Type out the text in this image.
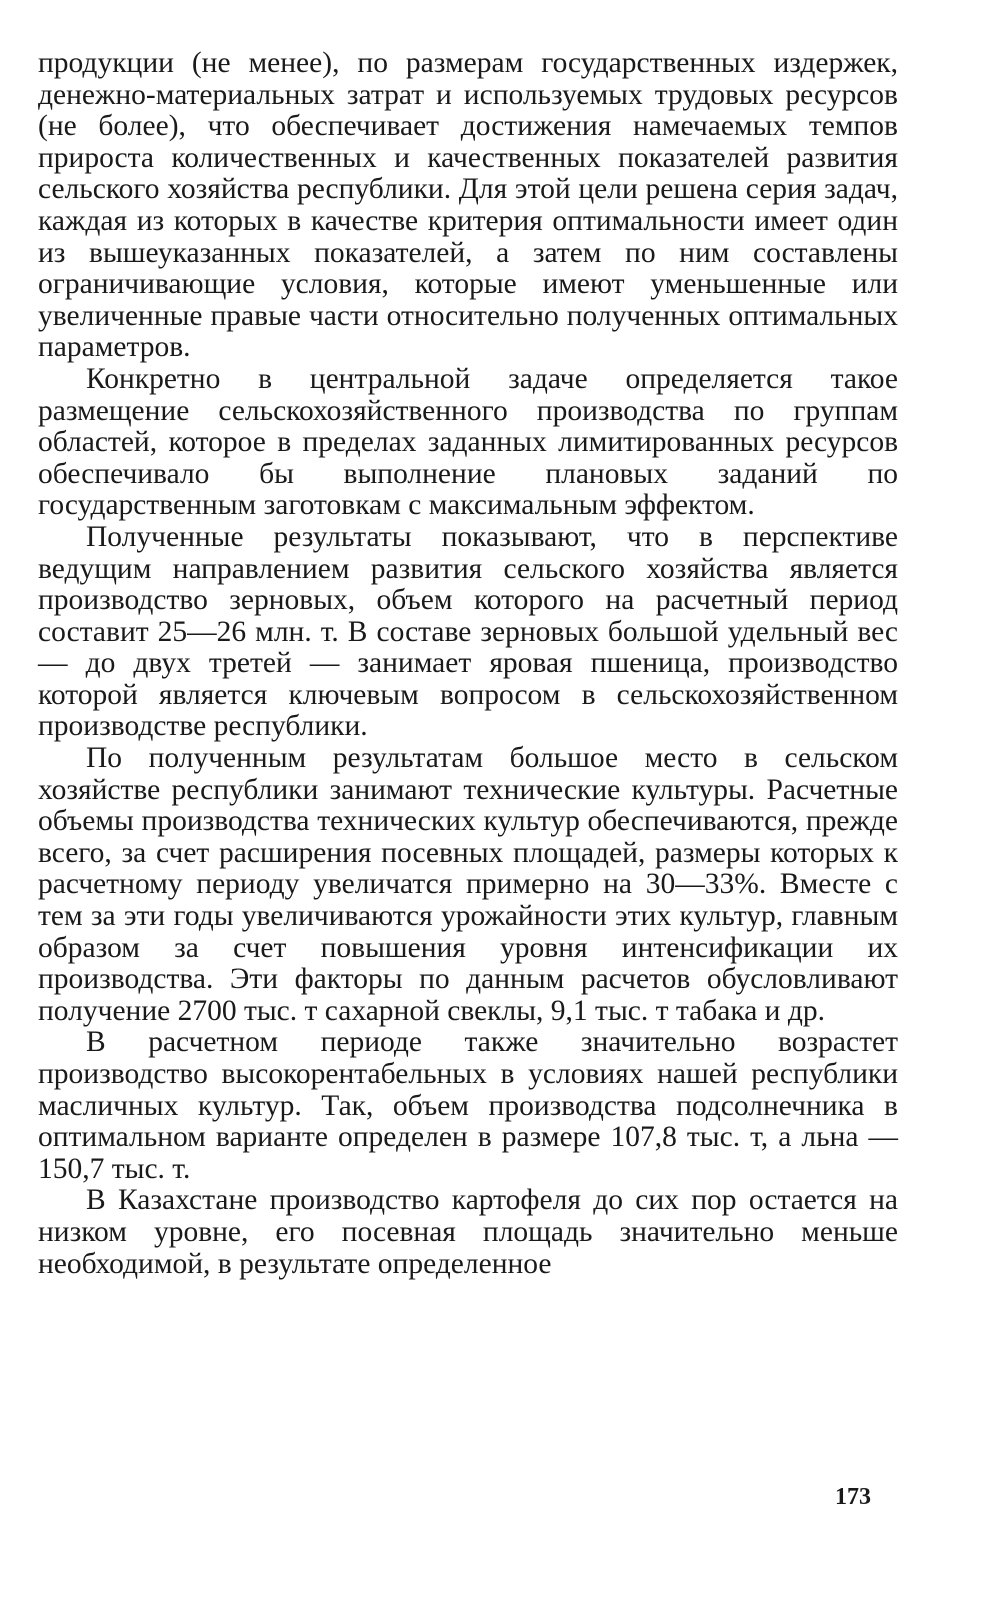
продукции (не менее), по размерам государственных издержек, денежно-материальных затрат и используемых трудовых ресурсов (не более), что обеспечивает достижения намечаемых темпов прироста количественных и качественных показателей развития сельского хозяйства республики. Для этой цели решена серия задач, каждая из которых в качестве критерия оптимальности имеет один из вышеуказанных показателей, а затем по ним составлены ограничивающие условия, которые имеют уменьшенные или увеличенные правые части относительно полученных оптимальных параметров.

Конкретно в центральной задаче определяется такое размещение сельскохозяйственного производства по группам областей, которое в пределах заданных лимитированных ресурсов обеспечивало бы выполнение плановых заданий по государственным заготовкам с максимальным эффектом.

Полученные результаты показывают, что в перспективе ведущим направлением развития сельского хозяйства является производство зерновых, объем которого на расчетный период составит 25—26 млн. т. В составе зерновых большой удельный вес — до двух третей — занимает яровая пшеница, производство которой является ключевым вопросом в сельскохозяйственном производстве республики.

По полученным результатам большое место в сельском хозяйстве республики занимают технические культуры. Расчетные объемы производства технических культур обеспечиваются, прежде всего, за счет расширения посевных площадей, размеры которых к расчетному периоду увеличатся примерно на 30—33%. Вместе с тем за эти годы увеличиваются урожайности этих культур, главным образом за счет повышения уровня интенсификации их производства. Эти факторы по данным расчетов обусловливают получение 2700 тыс. т сахарной свеклы, 9,1 тыс. т табака и др.

В расчетном периоде также значительно возрастет производство высокорентабельных в условиях нашей республики масличных культур. Так, объем производства подсолнечника в оптимальном варианте определен в размере 107,8 тыс. т, а льна — 150,7 тыс. т.

В Казахстане производство картофеля до сих пор остается на низком уровне, его посевная площадь значительно меньше необходимой, в результате определенное

173
